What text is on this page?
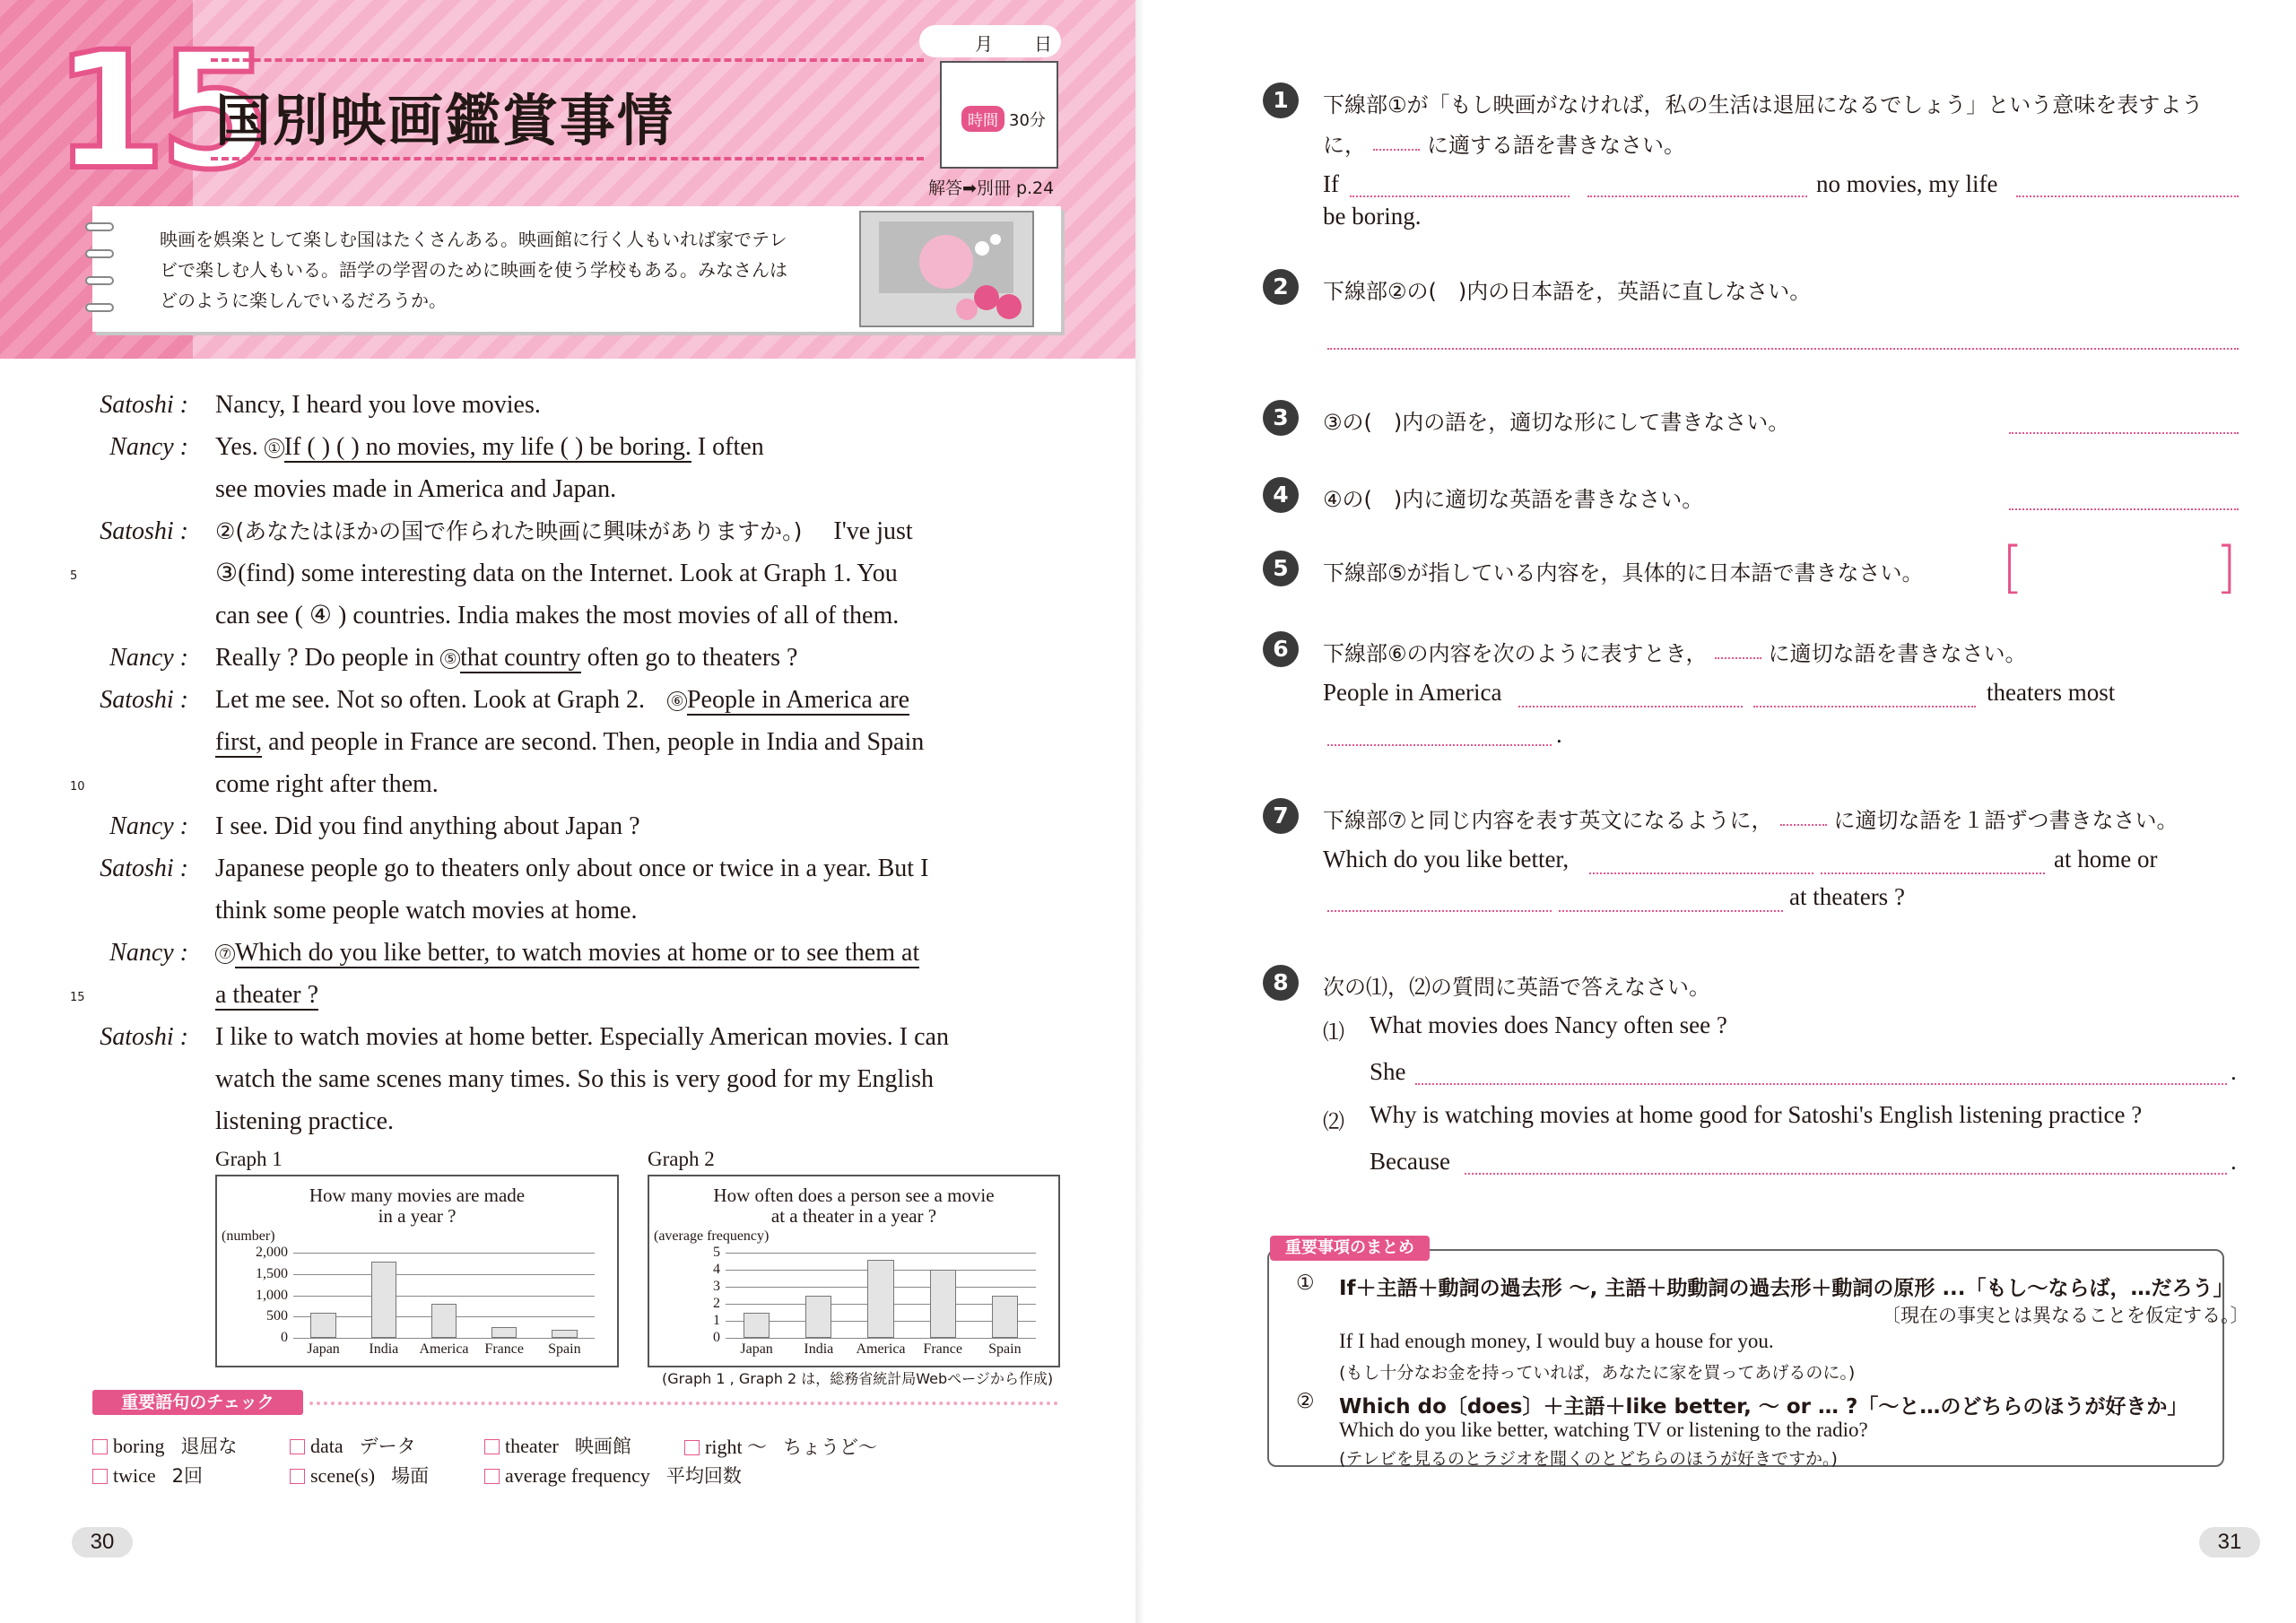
15
国別映画鑑賞事情
月 日
時間 30分
解答➡別冊 p.24
映画を娯楽として楽しむ国はたくさんある。映画館に行く人もいれば家でテレ
ビで楽しむ人もいる。語学の学習のために映画を使う学校もある。みなさんは
どのように楽しんでいるだろうか。
Satoshi : Nancy, I heard you love movies.
Nancy : Yes. ① If ( ) ( ) no movies, my life ( ) be boring. I often
see movies made in America and Japan.
Satoshi : ②(あなたはほかの国で作られた映画に興味がありますか。) I've just
5	③(find) some interesting data on the Internet. Look at Graph 1. You
can see ( ④ ) countries. India makes the most movies of all of them.
Nancy : Really ? Do people in ⑤ that country often go to theaters ?
Satoshi : Let me see. Not so often. Look at Graph 2. ⑥ People in America are
first, and people in France are second. Then, people in India and Spain
10	come right after them.
Nancy : I see. Did you find anything about Japan ?
Satoshi : Japanese people go to theaters only about once or twice in a year. But I
think some people watch movies at home.
Nancy : ⑦ Which do you like better, to watch movies at home or to see them at
15	a theater ?
Satoshi : I like to watch movies at home better. Especially American movies. I can
watch the same scenes many times. So this is very good for my English
listening practice.
Graph 1
How many movies are made
in a year ?
(number)
2,000
1,500
1,000
500
0
Japan	India	America	France	Spain
Graph 2
How often does a person see a movie
at a theater in a year ?
(average frequency)
5
4
3
2
1
0
Japan	India	America	France	Spain
(Graph 1 , Graph 2 は，総務省統計局Webページから作成)
重要語句のチェック
boring 退屈な	data データ	theater 映画館	right ～ ちょうど～
twice 2回	scene(s) 場面	average frequency 平均回数
30
1	下線部①が「もし映画がなければ，私の生活は退屈になるでしょう」という意味を表すよう
に，	に適する語を書きなさい。
If	no movies, my life
be boring.
2	下線部②の(　)内の日本語を，英語に直しなさい。
3	③の(　)内の語を，適切な形にして書きなさい。
4	④の(　)内に適切な英語を書きなさい。
5	下線部⑤が指している内容を，具体的に日本語で書きなさい。 [	]
6	下線部⑥の内容を次のように表すとき，	に適切な語を書きなさい。
People in America	theaters most
.
7	下線部⑦と同じ内容を表す英文になるように，	に適切な語を１語ずつ書きなさい。
Which do you like better,	at home or
at theaters ?
8	次の⑴，⑵の質問に英語で答えなさい。
⑴ What movies does Nancy often see ?
She	.
⑵ Why is watching movies at home good for Satoshi's English listening practice ?
Because	.
重要事項のまとめ
① If＋主語＋動詞の過去形 ～, 主語＋助動詞の過去形＋動詞の原形 ...「もし～ならば，…だろう」
〔現在の事実とは異なることを仮定する。〕
If I had enough money, I would buy a house for you.
(もし十分なお金を持っていれば，あなたに家を買ってあげるのに。)
② Which do〔does〕＋主語＋like better, ～ or … ?「～と…のどちらのほうが好きか」
Which do you like better, watching TV or listening to the radio?
(テレビを見るのとラジオを聞くのとどちらのほうが好きですか。)
31
